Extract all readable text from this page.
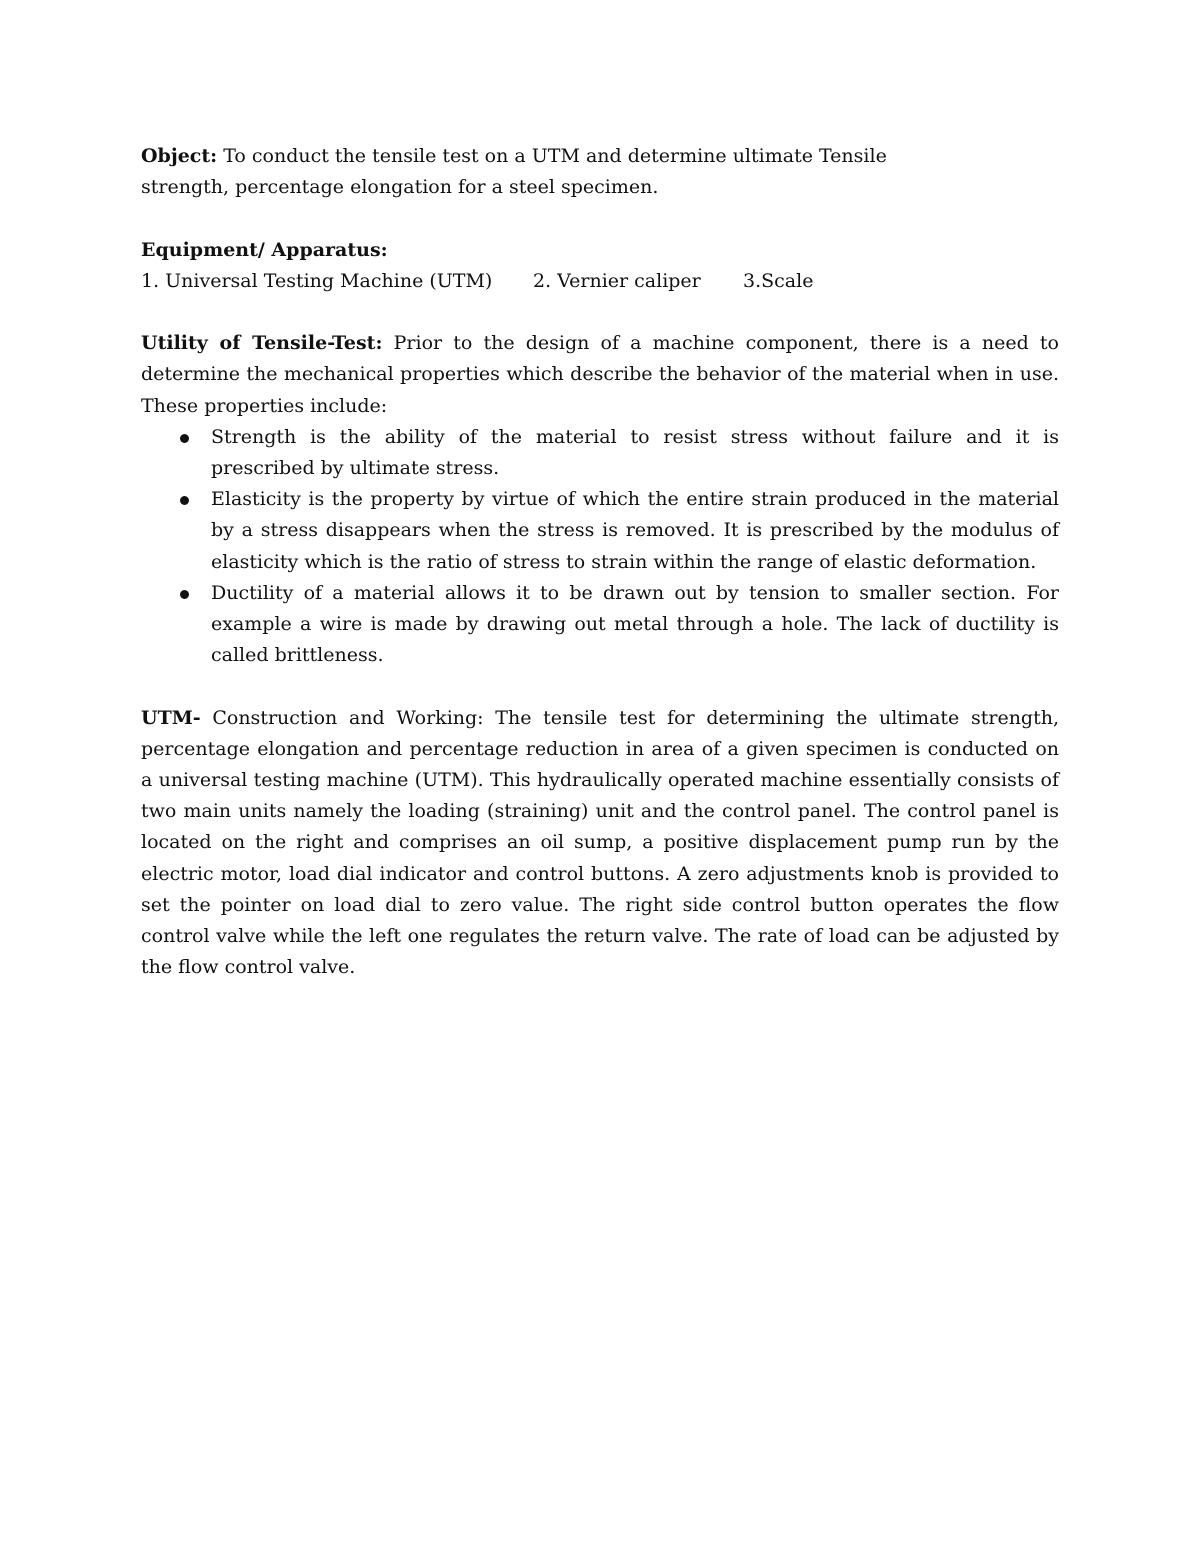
Object: To conduct the tensile test on a UTM and determine ultimate Tensile strength, percentage elongation for a steel specimen.

Equipment/ Apparatus:

1. Universal Testing Machine (UTM)	2. Vernier caliper	3.Scale

Utility of Tensile-Test: Prior to the design of a machine component, there is a need to determine the mechanical properties which describe the behavior of the material when in use. These properties include:

Strength is the ability of the material to resist stress without failure and it is prescribed by ultimate stress.
Elasticity is the property by virtue of which the entire strain produced in the material by a stress disappears when the stress is removed. It is prescribed by the modulus of elasticity which is the ratio of stress to strain within the range of elastic deformation.
Ductility of a material allows it to be drawn out by tension to smaller section. For example a wire is made by drawing out metal through a hole. The lack of ductility is called brittleness.

UTM- Construction and Working: The tensile test for determining the ultimate strength, percentage elongation and percentage reduction in area of a given specimen is conducted on a universal testing machine (UTM). This hydraulically operated machine essentially consists of two main units namely the loading (straining) unit and the control panel. The control panel is located on the right and comprises an oil sump, a positive displacement pump run by the electric motor, load dial indicator and control buttons. A zero adjustments knob is provided to set the pointer on load dial to zero value. The right side control button operates the flow control valve while the left one regulates the return valve. The rate of load can be adjusted by the flow control valve.
